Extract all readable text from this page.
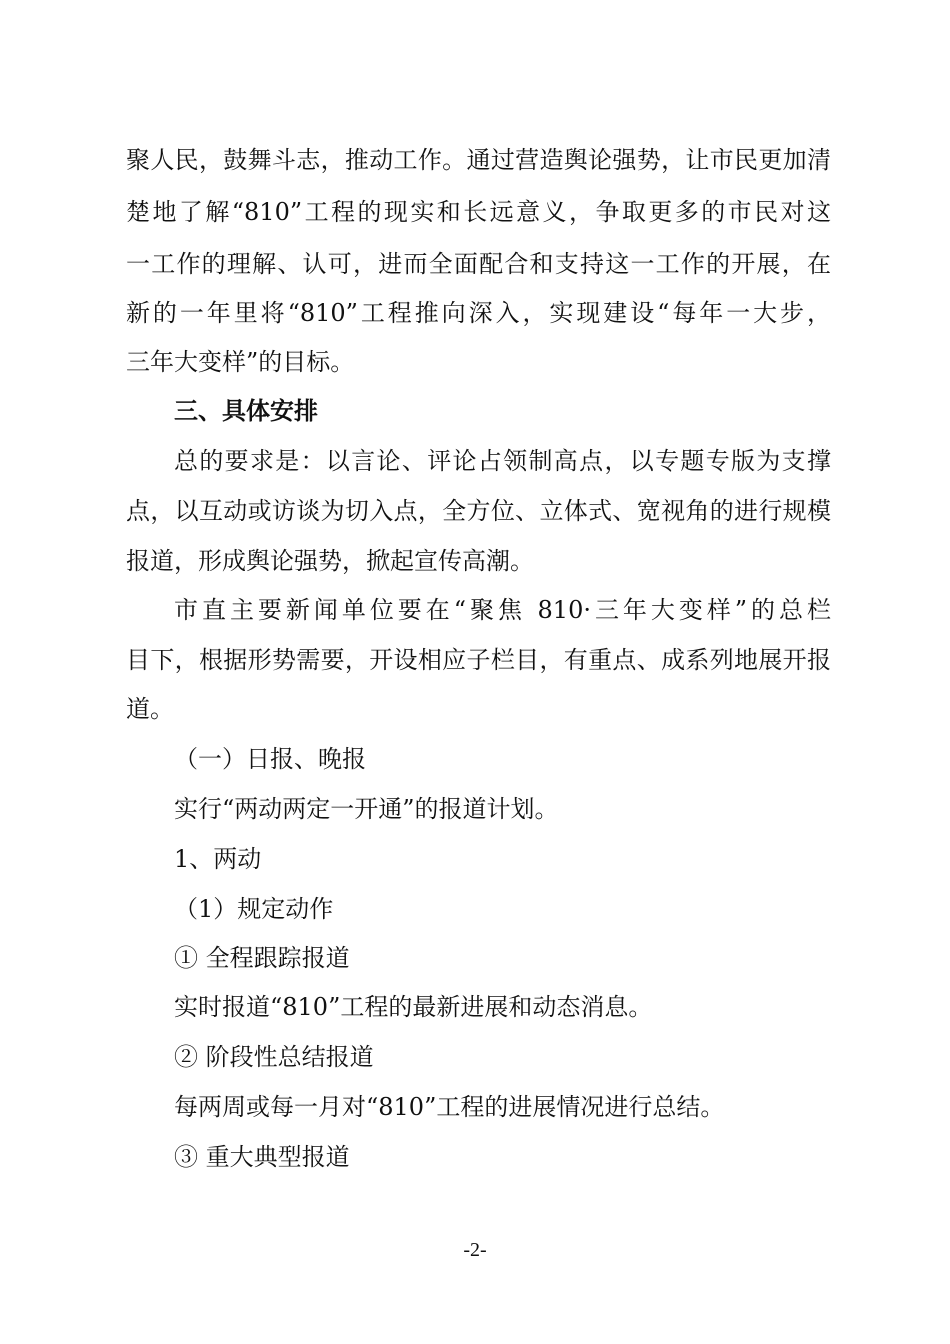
聚人民，鼓舞斗志，推动工作。通过营造舆论强势，让市民更加清
楚地了解“810”工程的现实和长远意义，争取更多的市民对这
一工作的理解、认可，进而全面配合和支持这一工作的开展，在
新的一年里将“810”工程推向深入，实现建设“每年一大步，
三年大变样”的目标。
三、具体安排
总的要求是：以言论、评论占领制高点，以专题专版为支撑
点，以互动或访谈为切入点，全方位、立体式、宽视角的进行规模
报道，形成舆论强势，掀起宣传高潮。
市直主要新闻单位要在“聚焦 810·三年大变样”的总栏
目下，根据形势需要，开设相应子栏目，有重点、成系列地展开报
道。
（一）日报、晚报
实行“两动两定一开通”的报道计划。
1、两动
（1）规定动作
① 全程跟踪报道
实时报道“810”工程的最新进展和动态消息。
② 阶段性总结报道
每两周或每一月对“810”工程的进展情况进行总结。
③ 重大典型报道
-2-
